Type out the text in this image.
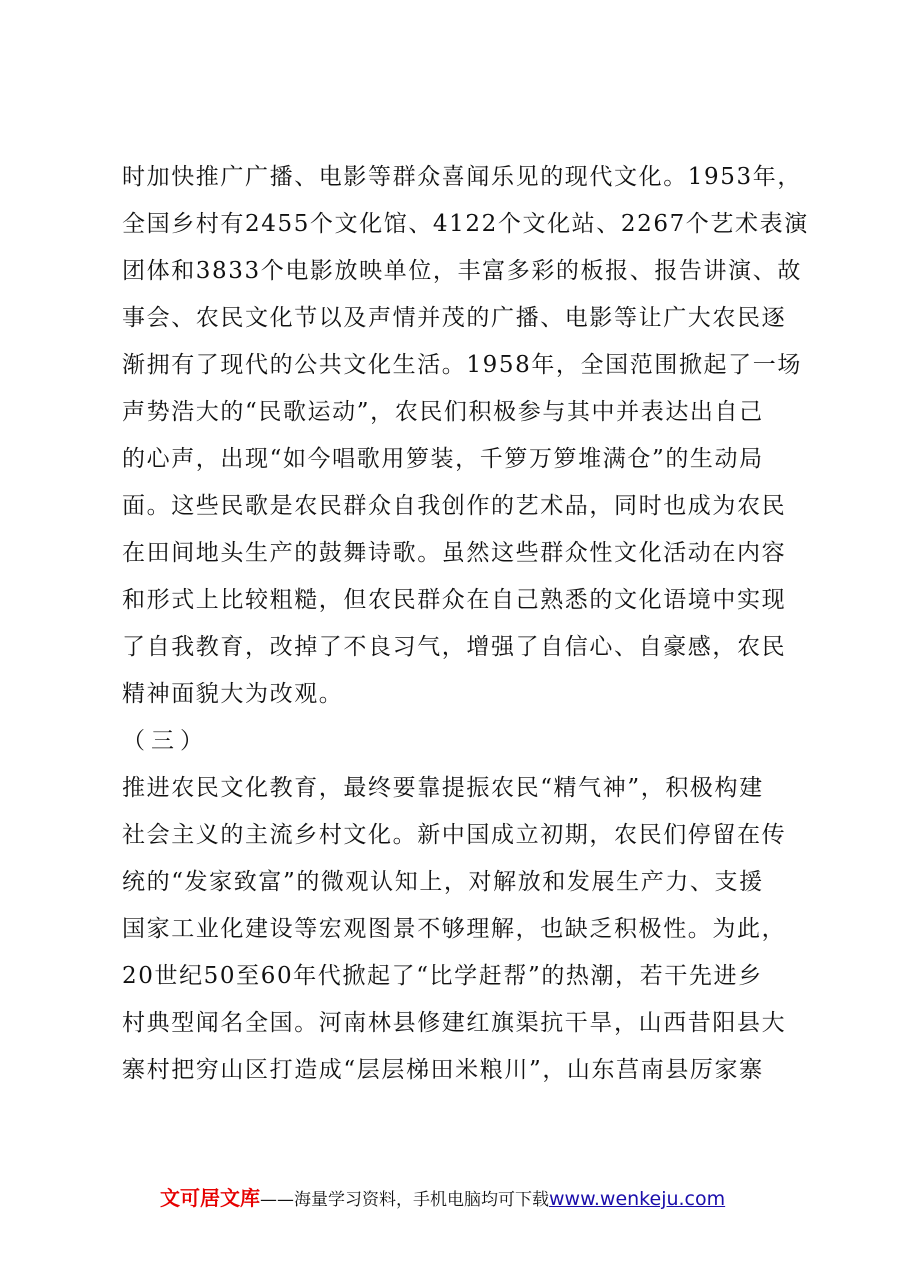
时加快推广广播、电影等群众喜闻乐见的现代文化。1953年，
全国乡村有2455个文化馆、4122个文化站、2267个艺术表演
团体和3833个电影放映单位，丰富多彩的板报、报告讲演、故
事会、农民文化节以及声情并茂的广播、电影等让广大农民逐
渐拥有了现代的公共文化生活。1958年，全国范围掀起了一场
声势浩大的“民歌运动”，农民们积极参与其中并表达出自己
的心声，出现“如今唱歌用箩装，千箩万箩堆满仓”的生动局
面。这些民歌是农民群众自我创作的艺术品，同时也成为农民
在田间地头生产的鼓舞诗歌。虽然这些群众性文化活动在内容
和形式上比较粗糙，但农民群众在自己熟悉的文化语境中实现
了自我教育，改掉了不良习气，增强了自信心、自豪感，农民
精神面貌大为改观。
（三）
推进农民文化教育，最终要靠提振农民“精气神”，积极构建
社会主义的主流乡村文化。新中国成立初期，农民们停留在传
统的“发家致富”的微观认知上，对解放和发展生产力、支援
国家工业化建设等宏观图景不够理解，也缺乏积极性。为此，
20世纪50至60年代掀起了“比学赶帮”的热潮，若干先进乡
村典型闻名全国。河南林县修建红旗渠抗干旱，山西昔阳县大
寨村把穷山区打造成“层层梯田米粮川”，山东莒南县厉家寨
文可居文库——海量学习资料，手机电脑均可下载www.wenkeju.com
